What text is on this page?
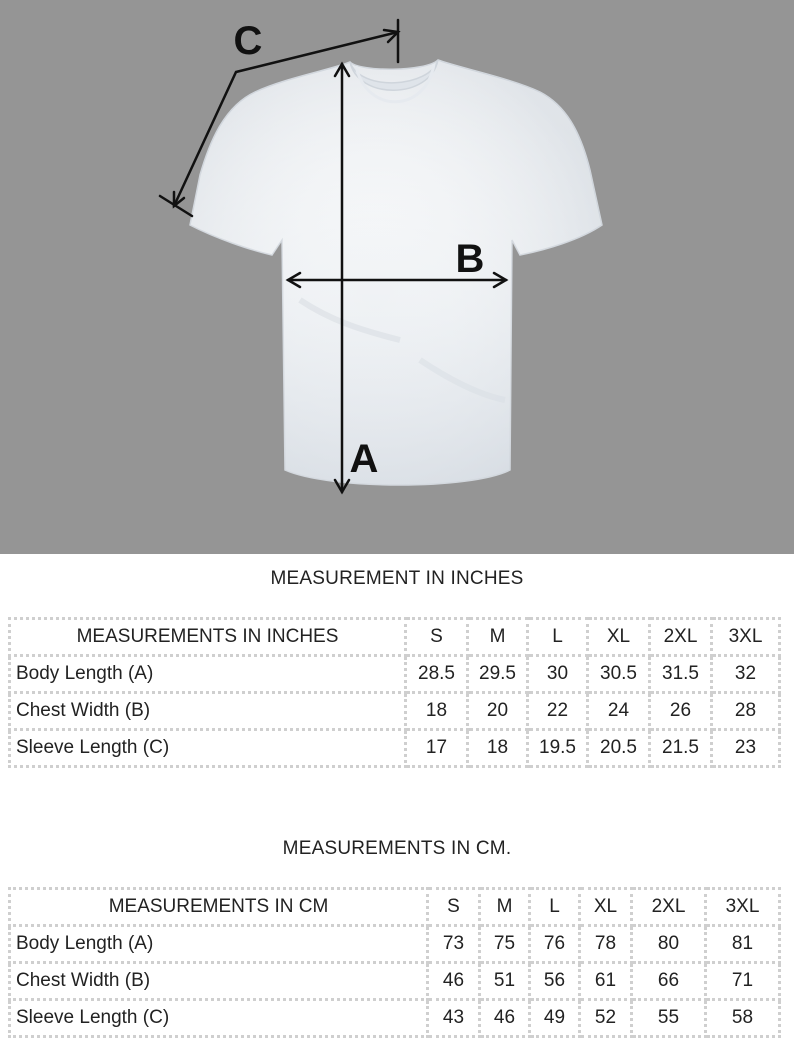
A
B
C
MEASUREMENT IN INCHES
MEASUREMENTS IN INCHES	S	M	L	XL	2XL	3XL
Body Length (A)	28.5	29.5	30	30.5	31.5	32
Chest Width (B)	18	20	22	24	26	28
Sleeve Length (C)	17	18	19.5	20.5	21.5	23
MEASUREMENTS IN CM.
MEASUREMENTS IN CM	S	M	L	XL	2XL	3XL
Body Length (A)	73	75	76	78	80	81
Chest Width (B)	46	51	56	61	66	71
Sleeve Length (C)	43	46	49	52	55	58
